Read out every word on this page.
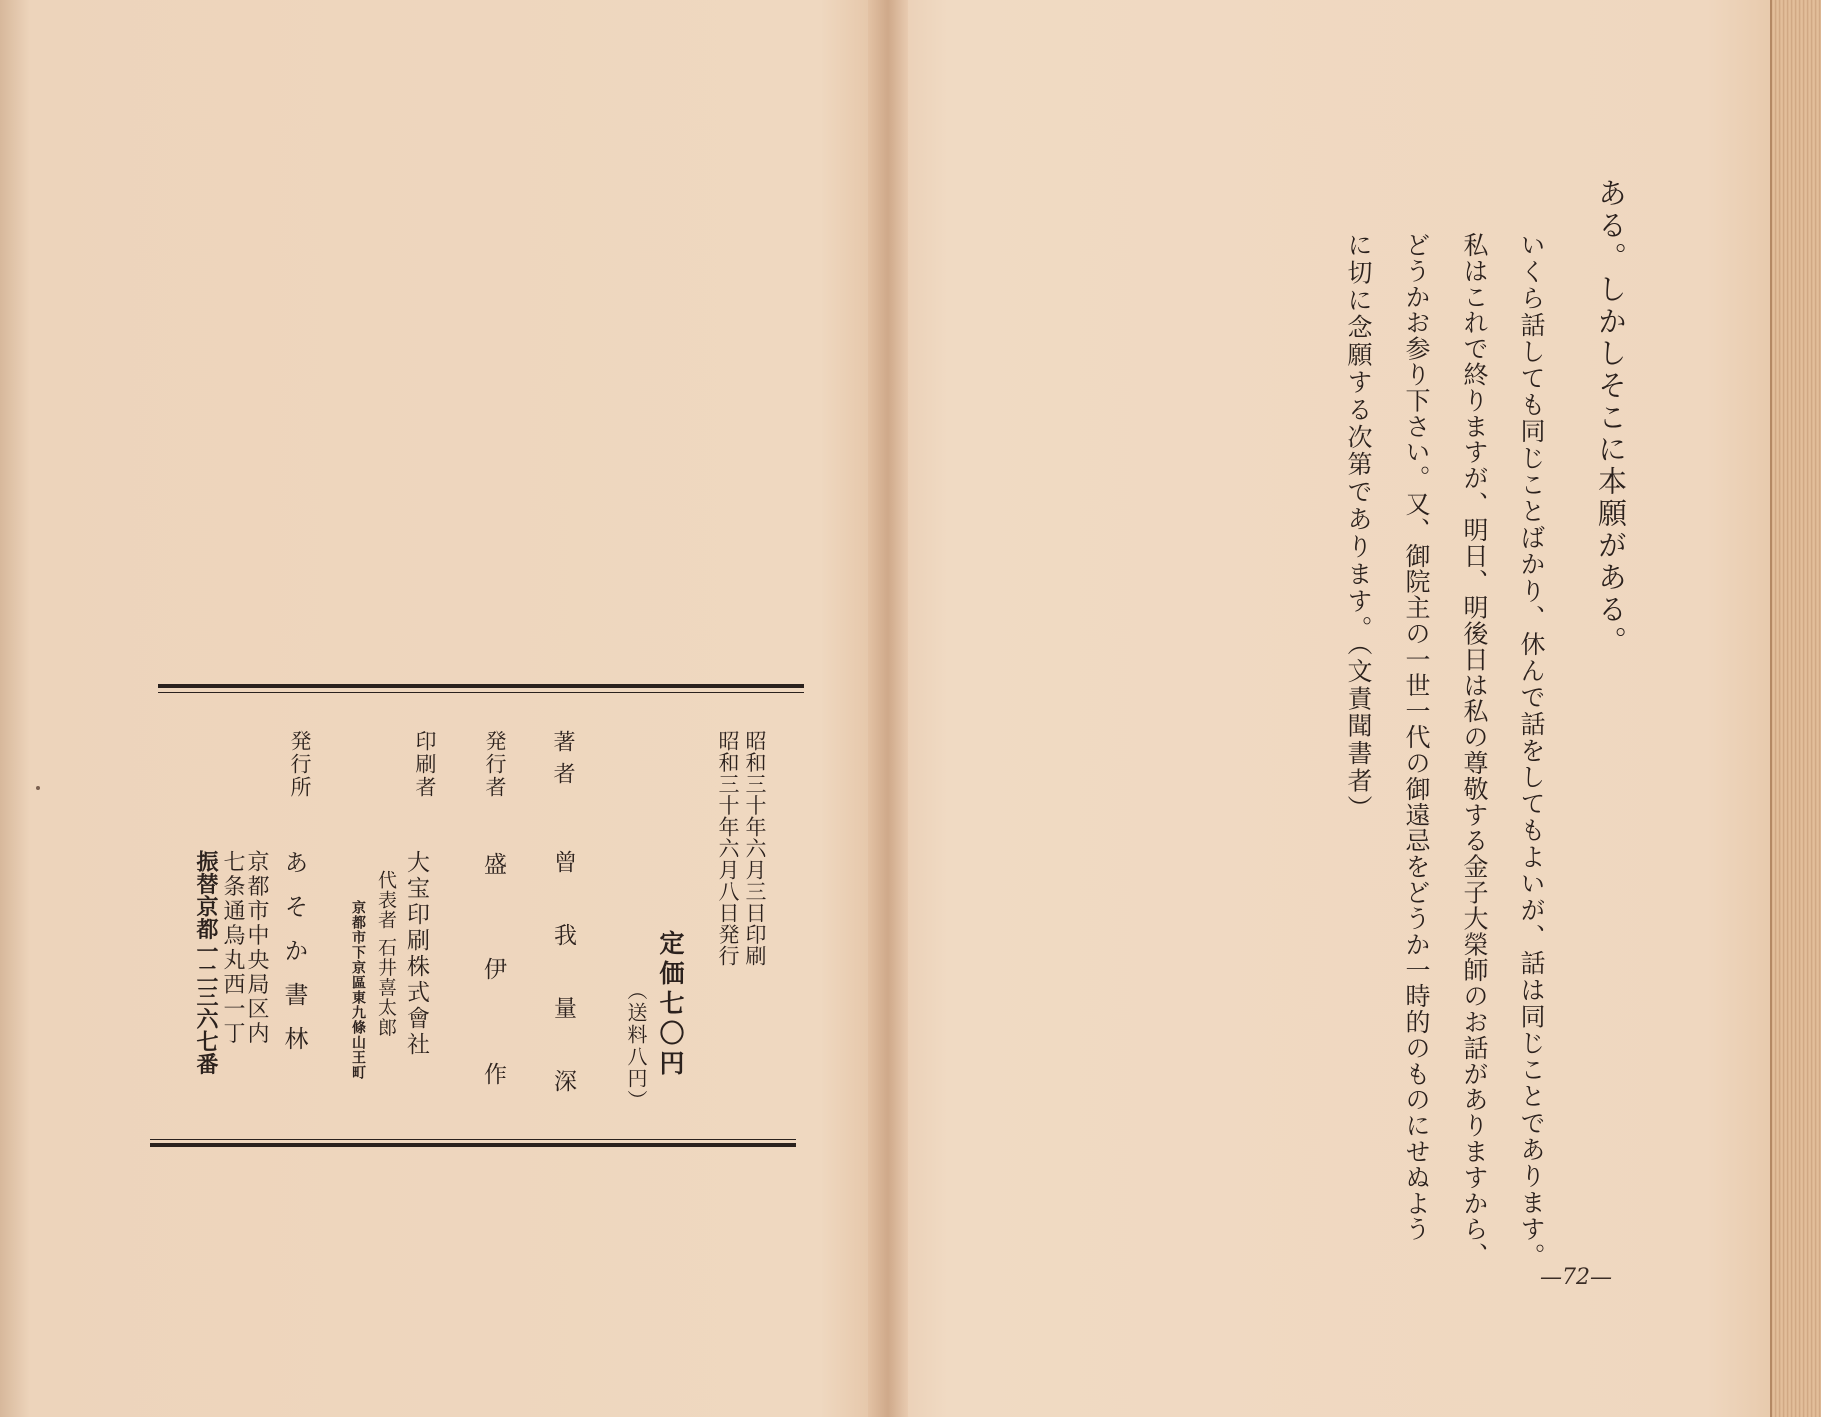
ある。しかしそこに本願がある。
いくら話しても同じことばかり、休んで話をしてもよいが、話は同じことであります。
私はこれで終りますが、明日、明後日は私の尊敬する金子大榮師のお話がありますから、
どうかお参り下さい。又、御院主の一世一代の御遠忌をどうか一時的のものにせぬよう
に切に念願する次第であります。（文責聞書者）
—72—
昭和三十年六月三日印刷
昭和三十年六月八日発行
定価七〇円
（送料八円）
著者
曾我量深
発行者
盛伊作
印刷者
大宝印刷株式會社
代表者 石井喜太郎
京都市下京區東九條山王町
発行所
あそか書林
京都市中央局区内
七条通烏丸西一丁
振替京都一二三六七番
